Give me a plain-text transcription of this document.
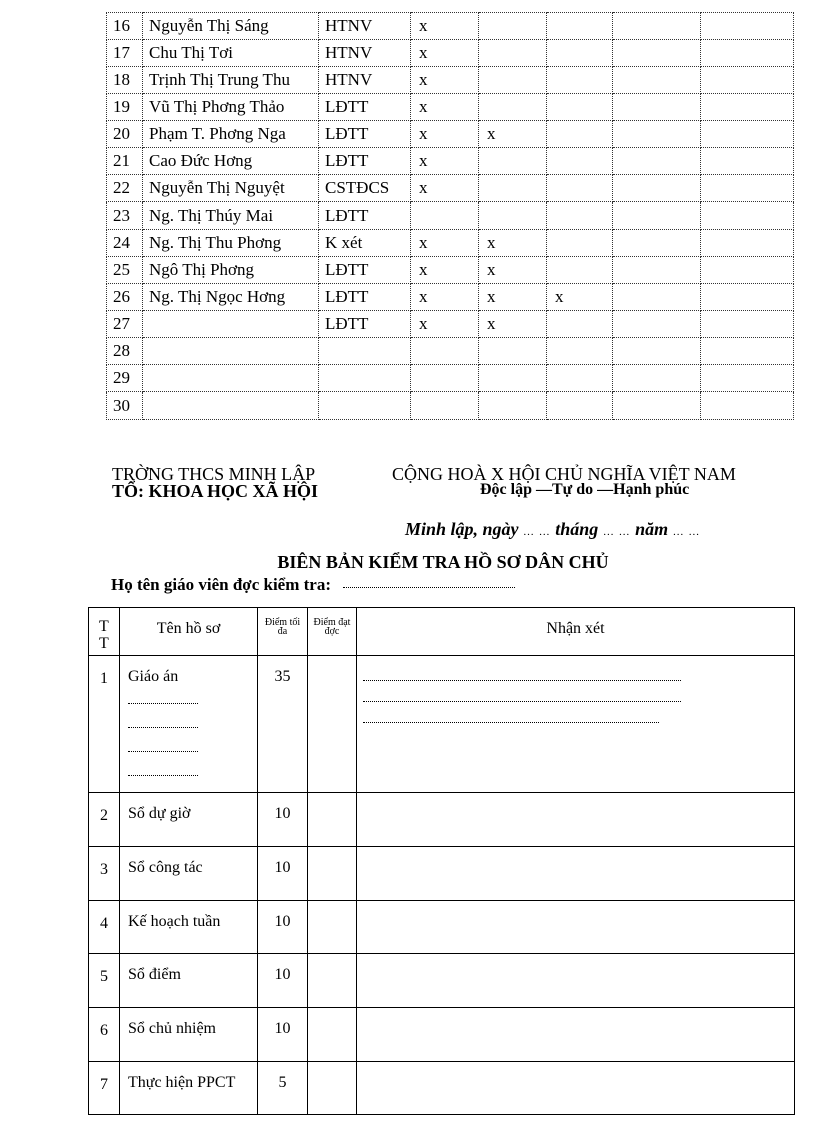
16	Nguyễn Thị Sáng	HTNV	x				
17	Chu Thị Tơi	HTNV	x				
18	Trịnh Thị Trung Thu	HTNV	x				
19	Vũ Thị Phơng Thảo	LĐTT	x				
20	Phạm T. Phơng Nga	LĐTT	x	x			
21	Cao Đức Hơng	LĐTT	x				
22	Nguyễn Thị Nguyệt	CSTĐCS	x				
23	Ng. Thị Thúy Mai	LĐTT					
24	Ng. Thị Thu Phơng	K xét	x	x			
25	Ngô Thị Phơng	LĐTT	x	x			
26	Ng. Thị Ngọc Hơng	LĐTT	x	x	x		
27		LĐTT	x	x			
28							
29							
30							
TRỜNG THCS MINH LẬP
TỔ: KHOA HỌC XÃ HỘI
CỘNG HOÀ X HỘI CHỦ NGHĨA VIỆT NAM
Độc lập —Tự do —Hạnh phúc
Minh lập, ngày … … tháng … … năm … …
BIÊN BẢN KIỂM TRA HỒ SƠ DÂN CHỦ
Họ tên giáo viên đợc kiểm tra:
TT	Tên hồ sơ	Điểm tối đa	Điểm đạt đợc	Nhận xét
1	Giáo án	35		

2	Sổ dự giờ	10		
3	Sổ công tác	10		
4	Kế hoạch tuần	10		
5	Sổ điểm	10		
6	Sổ chủ nhiệm	10		
7	Thực hiện PPCT	5		
